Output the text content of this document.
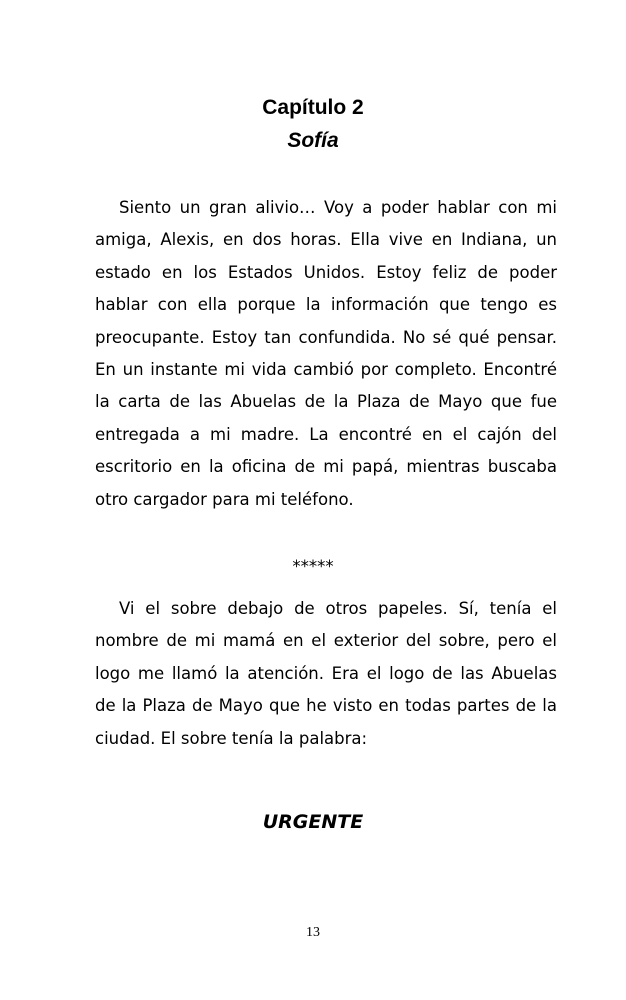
Capítulo 2
Sofía

Siento un gran alivio… Voy a poder hablar con mi amiga, Alexis, en dos horas. Ella vive en Indiana, un estado en los Estados Unidos. Estoy feliz de poder hablar con ella porque la información que tengo es preocupante. Estoy tan confundida. No sé qué pensar. En un instante mi vida cambió por completo. Encontré la carta de las Abuelas de la Plaza de Mayo que fue entregada a mi madre. La encontré en el cajón del escritorio en la oficina de mi papá, mientras buscaba otro cargador para mi teléfono.

*****

Vi el sobre debajo de otros papeles. Sí, tenía el nombre de mi mamá en el exterior del sobre, pero el logo me llamó la atención. Era el logo de las Abuelas de la Plaza de Mayo que he visto en todas partes de la ciudad. El sobre tenía la palabra:

URGENTE
13
